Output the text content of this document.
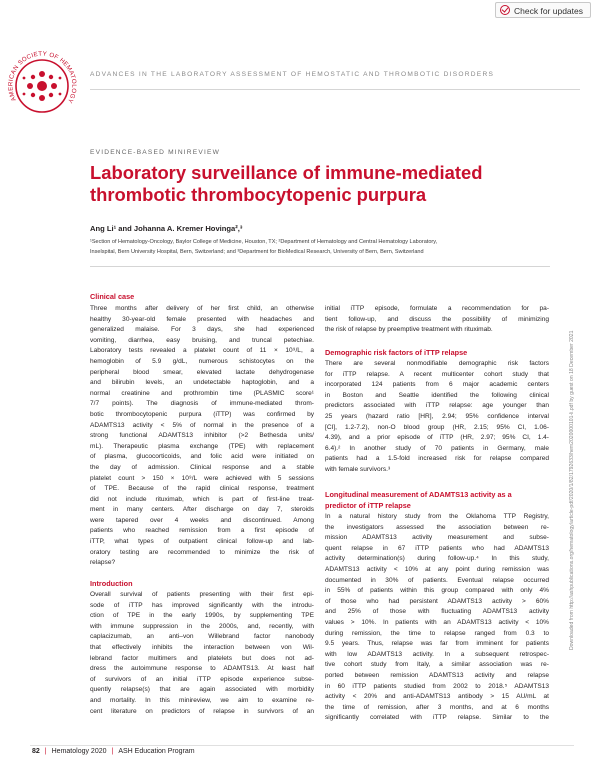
Check for updates
AMERICAN SOCIETY OF HEMATOLOGY
ADVANCES IN THE LABORATORY ASSESSMENT OF HEMOSTATIC AND THROMBOTIC DISORDERS
EVIDENCE-BASED MINIREVIEW
Laboratory surveillance of immune-mediated thrombotic thrombocytopenic purpura
Ang Li¹ and Johanna A. Kremer Hovinga²,³
¹Section of Hematology-Oncology, Baylor College of Medicine, Houston, TX; ²Department of Hematology and Central Hematology Laboratory,
Inselspital, Bern University Hospital, Bern, Switzerland; and ³Department for BioMedical Research, University of Bern, Bern, Switzerland
Downloaded from http://ashpublications.org/hematology/article-pdf/2020/1/82/1792633/hem2020000101-li.pdf by guest on 18 December 2021
Clinical case
Three months after delivery of her first child, an otherwise
healthy 30-year-old female presented with headaches and
generalized malaise. For 3 days, she had experienced
vomiting, diarrhea, easy bruising, and truncal petechiae.
Laboratory tests revealed a platelet count of 11 × 10⁹/L, a
hemoglobin of 5.9 g/dL, numerous schistocytes on the
peripheral blood smear, elevated lactate dehydrogenase
and bilirubin levels, an undetectable haptoglobin, and a
normal creatinine and prothrombin time (PLASMIC score¹
7/7 points). The diagnosis of immune-mediated throm-
botic thrombocytopenic purpura (iTTP) was confirmed by
ADAMTS13 activity < 5% of normal in the presence of a
strong functional ADAMTS13 inhibitor (>2 Bethesda units/
mL). Therapeutic plasma exchange (TPE) with replacement
of plasma, glucocorticoids, and folic acid were initiated on
the day of admission. Clinical response and a stable
platelet count > 150 × 10⁹/L were achieved with 5 sessions
of TPE. Because of the rapid clinical response, treatment
did not include rituximab, which is part of first-line treat-
ment in many centers. After discharge on day 7, steroids
were tapered over 4 weeks and discontinued. Among
patients who reached remission from a first episode of
iTTP, what types of outpatient clinical follow-up and lab-
oratory testing are recommended to minimize the risk of
relapse?
Introduction
Overall survival of patients presenting with their first epi-
sode of iTTP has improved significantly with the introdu-
ction of TPE in the early 1990s, by supplementing TPE
with immune suppression in the 2000s, and, recently, with
caplacizumab, an anti–von Willebrand factor nanobody
that effectively inhibits the interaction between von Wil-
lebrand factor multimers and platelets but does not ad-
dress the autoimmune response to ADAMTS13. At least half
of survivors of an initial iTTP episode experience subse-
quently relapse(s) that are again associated with morbidity
and mortality. In this minireview, we aim to examine re-
cent literature on predictors of relapse in survivors of an
initial iTTP episode, formulate a recommendation for pa-
tient follow-up, and discuss the possibility of minimizing
the risk of relapse by preemptive treatment with rituximab.
Demographic risk factors of iTTP relapse
There are several nonmodifiable demographic risk factors
for iTTP relapse. A recent multicenter cohort study that
incorporated 124 patients from 6 major academic centers
in Boston and Seattle identified the following clinical
predictors associated with iTTP relapse: age younger than
25 years (hazard ratio [HR], 2.94; 95% confidence interval
[CI], 1.2-7.2), non-O blood group (HR, 2.15; 95% CI, 1.06-
4.39), and a prior episode of iTTP (HR, 2.97; 95% CI, 1.4-
6.4).² In another study of 70 patients in Germany, male
patients had a 1.5-fold increased risk for relapse compared
with female survivors.³
Longitudinal measurement of ADAMTS13 activity as a
predictor of iTTP relapse
In a natural history study from the Oklahoma TTP Registry,
the investigators assessed the association between re-
mission ADAMTS13 activity measurement and subse-
quent relapse in 67 iTTP patients who had ADAMTS13
activity determination(s) during follow-up.⁴ In this study,
ADAMTS13 activity < 10% at any point during remission was
documented in 30% of patients. Eventual relapse occurred
in 55% of patients within this group compared with only 4%
of those who had persistent ADAMTS13 activity > 60%
and 25% of those with fluctuating ADAMTS13 activity
values > 10%. In patients with an ADAMTS13 activity < 10%
during remission, the time to relapse ranged from 0.3 to
9.5 years. Thus, relapse was far from imminent for patients
with low ADAMTS13 activity. In a subsequent retrospec-
tive cohort study from Italy, a similar association was re-
ported between remission ADAMTS13 activity and relapse
in 60 iTTP patients studied from 2002 to 2018.⁵ ADAMTS13
activity < 20% and anti-ADAMTS13 antibody > 15 AU/mL at
the time of remission, after 3 months, and at 6 months
significantly correlated with iTTP relapse. Similar to the
82 | Hematology 2020 | ASH Education Program
